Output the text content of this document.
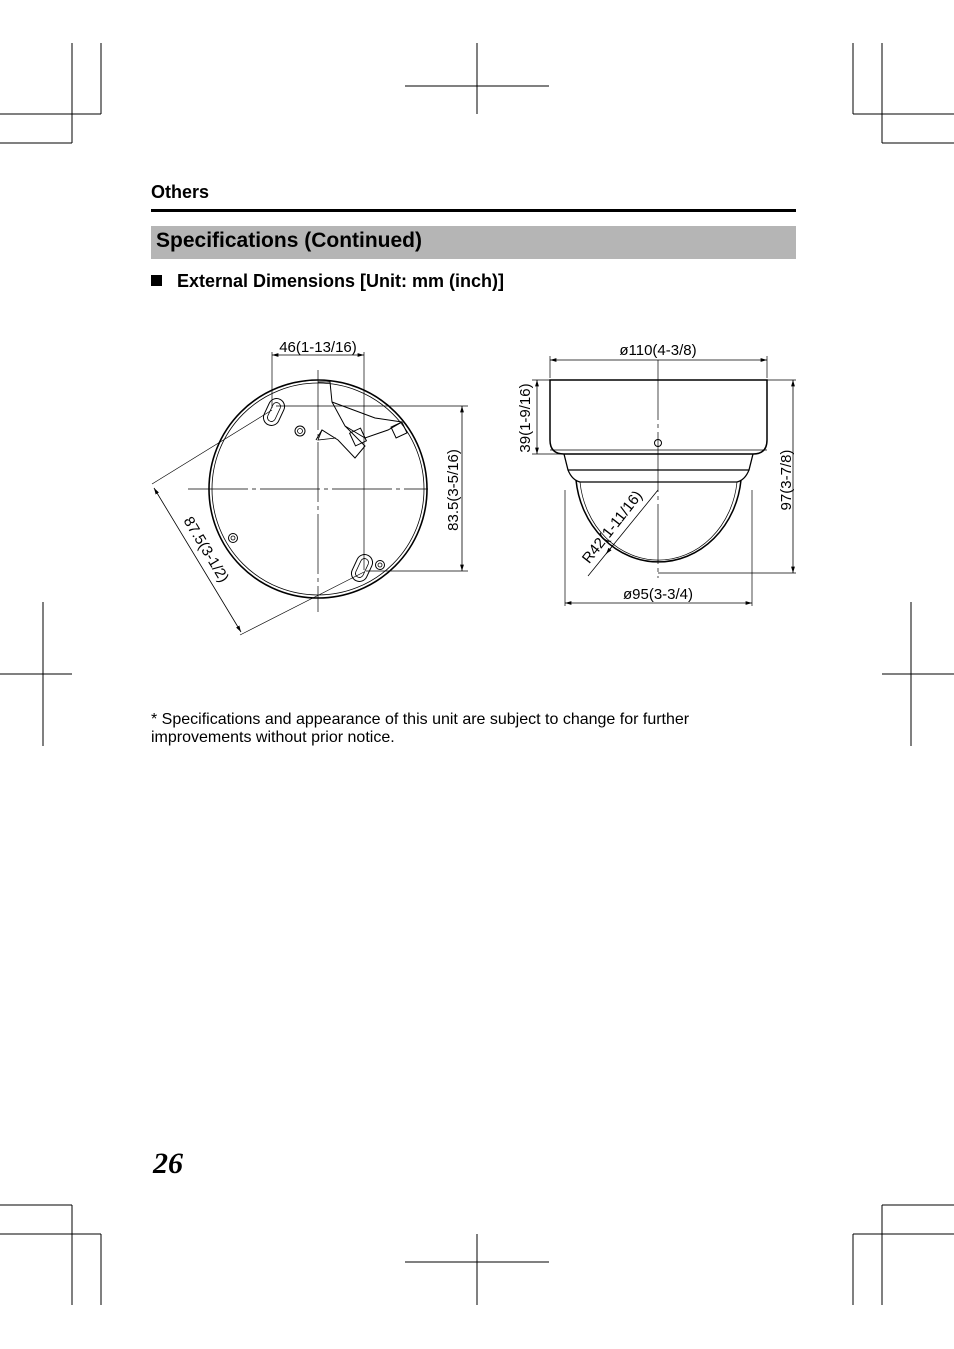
Others
Specifications (Continued)
External Dimensions [Unit: mm (inch)]
46(1-13/16)
83.5(3-5/16)
87.5(3-1/2)
ø110(4-3/8)
39(1-9/16)
97(3-7/8)
R42(1-11/16)
ø95(3-3/4)
* Specifications and appearance of this unit are subject to change for further improvements without prior notice.
26
